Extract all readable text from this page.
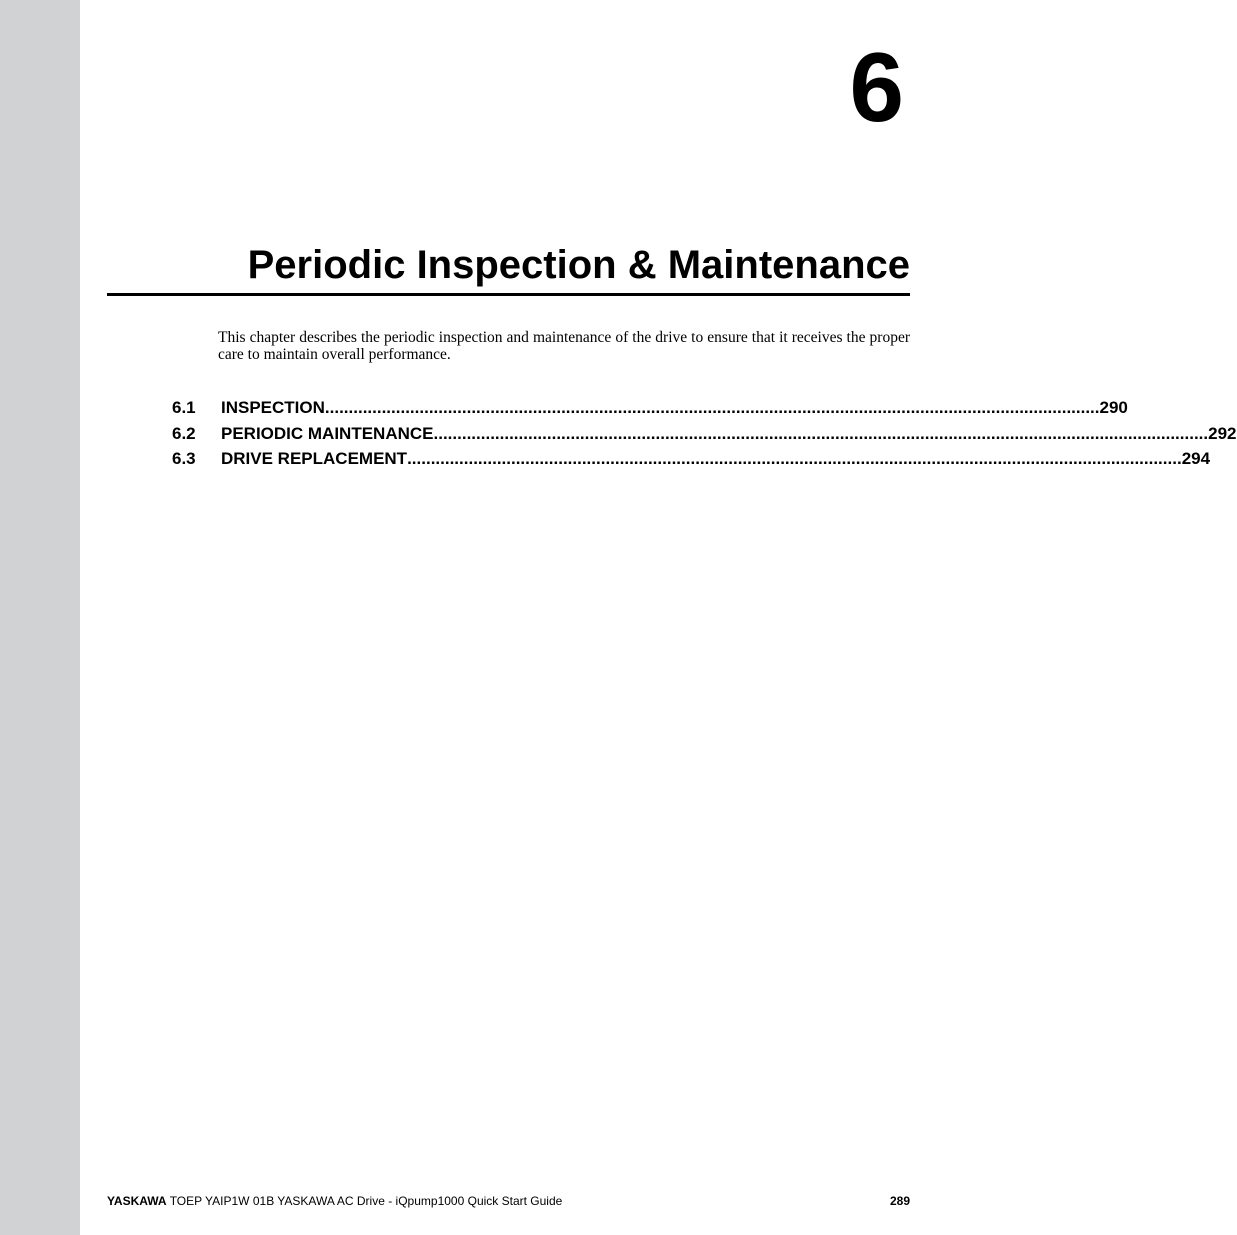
6
Periodic Inspection & Maintenance

This chapter describes the periodic inspection and maintenance of the drive to ensure that it receives the proper care to maintain overall performance.

6.1	INSPECTION .................................................................................................................................................................... 290
6.2	PERIODIC MAINTENANCE .................................................................................................................................................................... 292
6.3	DRIVE REPLACEMENT .................................................................................................................................................................... 294
YASKAWA TOEP YAIP1W 01B YASKAWA AC Drive - iQpump1000 Quick Start Guide	289
